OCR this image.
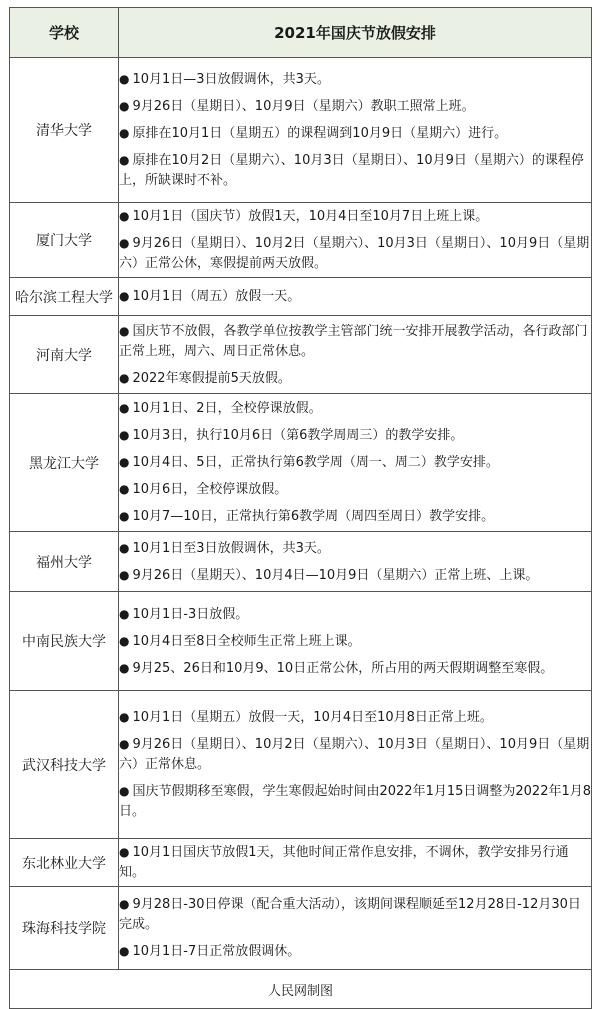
学校	2021年国庆节放假安排
清华大学	● 10月1日—3日放假调休，共3天。
● 9月26日（星期日）、10月9日（星期六）教职工照常上班。
● 原排在10月1日（星期五）的课程调到10月9日（星期六）进行。
● 原排在10月2日（星期六）、10月3日（星期日）、10月9日（星期六）的课程停上，所缺课时不补。

厦门大学	● 10月1日（国庆节）放假1天，10月4日至10月7日上班上课。
● 9月26日（星期日）、10月2日（星期六）、10月3日（星期日）、10月9日（星期六）正常公休，寒假提前两天放假。

哈尔滨工程大学	● 10月1日（周五）放假一天。

河南大学	● 国庆节不放假，各教学单位按教学主管部门统一安排开展教学活动，各行政部门正常上班，周六、周日正常休息。
● 2022年寒假提前5天放假。

黑龙江大学	● 10月1日、2日，全校停课放假。
● 10月3日，执行10月6日（第6教学周周三）的教学安排。
● 10月4日、5日，正常执行第6教学周（周一、周二）教学安排。
● 10月6日，全校停课放假。
● 10月7—10日，正常执行第6教学周（周四至周日）教学安排。

福州大学	● 10月1日至3日放假调休，共3天。
● 9月26日（星期天）、10月4日—10月9日（星期六）正常上班、上课。

中南民族大学	● 10月1日-3日放假。
● 10月4日至8日全校师生正常上班上课。
● 9月25、26日和10月9、10日正常公休，所占用的两天假期调整至寒假。

武汉科技大学	● 10月1日（星期五）放假一天，10月4日至10月8日正常上班。
● 9月26日（星期日）、10月2日（星期六）、10月3日（星期日）、10月9日（星期六）正常休息。
● 国庆节假期移至寒假，学生寒假起始时间由2022年1月15日调整为2022年1月8日。

东北林业大学	● 10月1日国庆节放假1天，其他时间正常作息安排，不调休，教学安排另行通知。

珠海科技学院	● 9月28日-30日停课（配合重大活动），该期间课程顺延至12月28日-12月30日完成。
● 10月1日-7日正常放假调休。

人民网制图	
